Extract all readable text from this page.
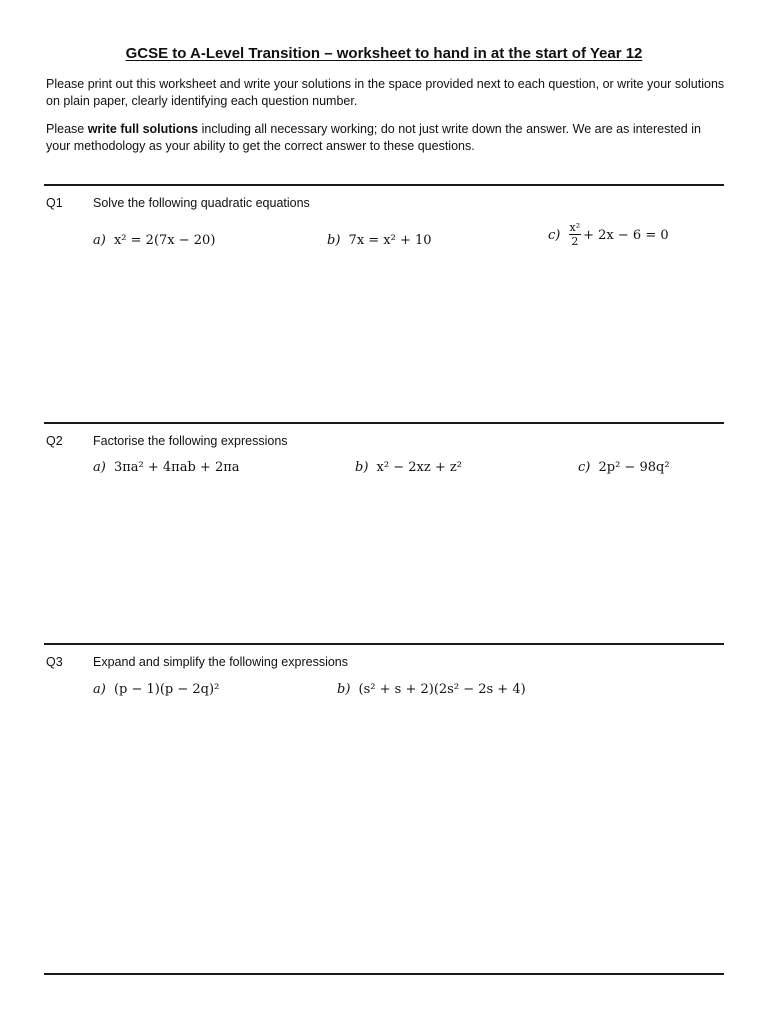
GCSE to A-Level Transition – worksheet to hand in at the start of Year 12
Please print out this worksheet and write your solutions in the space provided next to each question, or write your solutions on plain paper, clearly identifying each question number.
Please write full solutions including all necessary working; do not just write down the answer. We are as interested in your methodology as your ability to get the correct answer to these questions.
Q1 Solve the following quadratic equations
a) x² = 2(7x − 20)	b) 7x = x² + 10	$c) \frac{\text{x²}}{2} + 2x - 6 = 0$
Q2 Factorise the following expressions
a) 3πa² + 4πab + 2πa	b) x² − 2xz + z²	c) 2p² − 98q²
Q3 Expand and simplify the following expressions
a) (p − 1)(p − 2q)²	b) (s² + s + 2)(2s² − 2s + 4)
